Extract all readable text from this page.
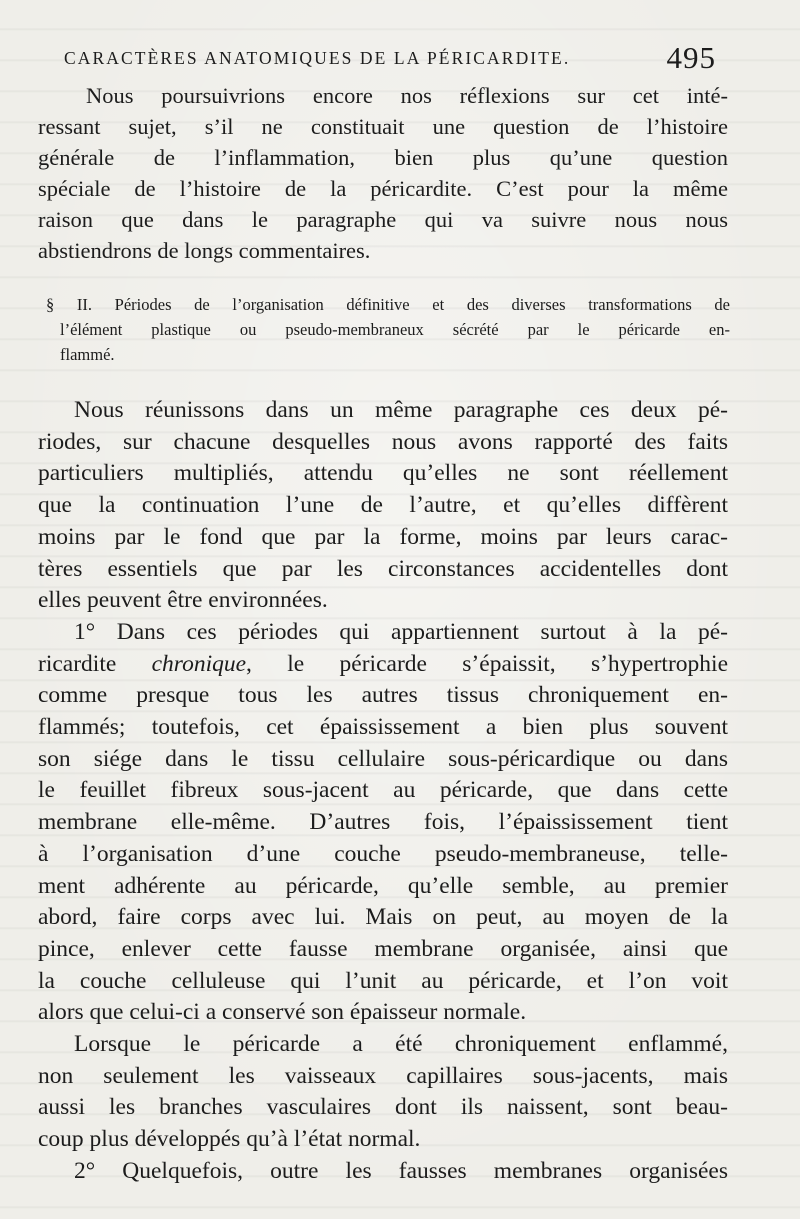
CARACTÈRES ANATOMIQUES DE LA PÉRICARDITE.	495
Nous poursuivrions encore nos réflexions sur cet inté-
ressant sujet, s’il ne constituait une question de l’histoire
générale de l’inflammation, bien plus qu’une question
spéciale de l’histoire de la péricardite. C’est pour la même
raison que dans le paragraphe qui va suivre nous nous
abstiendrons de longs commentaires.
§ II. Périodes de l’organisation définitive et des diverses transformations de
l’élément plastique ou pseudo-membraneux sécrété par le péricarde en-
flammé.
Nous réunissons dans un même paragraphe ces deux pé-
riodes, sur chacune desquelles nous avons rapporté des faits
particuliers multipliés, attendu qu’elles ne sont réellement
que la continuation l’une de l’autre, et qu’elles diffèrent
moins par le fond que par la forme, moins par leurs carac-
tères essentiels que par les circonstances accidentelles dont
elles peuvent être environnées.
1° Dans ces périodes qui appartiennent surtout à la pé-
ricardite chronique, le péricarde s’épaissit, s’hypertrophie
comme presque tous les autres tissus chroniquement en-
flammés; toutefois, cet épaississement a bien plus souvent
son siége dans le tissu cellulaire sous-péricardique ou dans
le feuillet fibreux sous-jacent au péricarde, que dans cette
membrane elle-même. D’autres fois, l’épaississement tient
à l’organisation d’une couche pseudo-membraneuse, telle-
ment adhérente au péricarde, qu’elle semble, au premier
abord, faire corps avec lui. Mais on peut, au moyen de la
pince, enlever cette fausse membrane organisée, ainsi que
la couche celluleuse qui l’unit au péricarde, et l’on voit
alors que celui-ci a conservé son épaisseur normale.
Lorsque le péricarde a été chroniquement enflammé,
non seulement les vaisseaux capillaires sous-jacents, mais
aussi les branches vasculaires dont ils naissent, sont beau-
coup plus développés qu’à l’état normal.
2° Quelquefois, outre les fausses membranes organisées
